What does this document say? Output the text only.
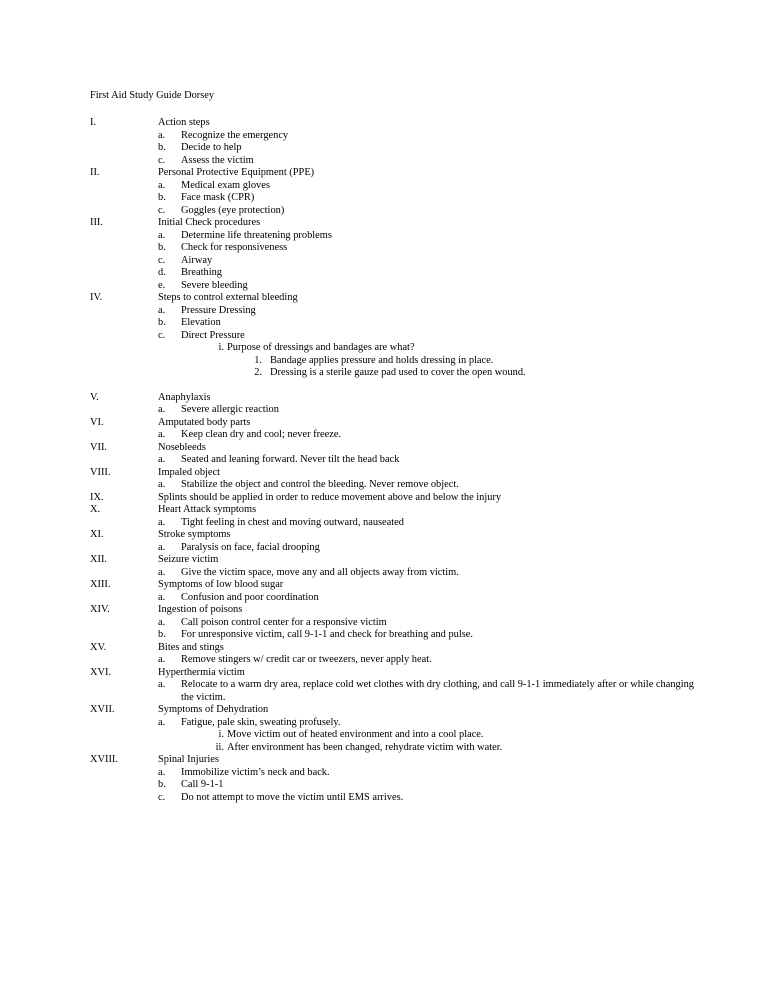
First Aid Study Guide Dorsey
I.	Action steps
a.	Recognize the emergency
b.	Decide to help
c.	Assess the victim
II.	Personal Protective Equipment (PPE)
a.	Medical exam gloves
b.	Face mask (CPR)
c.	Goggles (eye protection)
III.	Initial Check procedures
a.	Determine life threatening problems
b.	Check for responsiveness
c.	Airway
d.	Breathing
e.	Severe bleeding
IV.	Steps to control external bleeding
a.	Pressure Dressing
b.	Elevation
c.	Direct Pressure
i. Purpose of dressings and bandages are what?
1. Bandage applies pressure and holds dressing in place.
2. Dressing is a sterile gauze pad used to cover the open wound.
V.	Anaphylaxis
a.	Severe allergic reaction
VI.	Amputated body parts
a.	Keep clean dry and cool; never freeze.
VII.	Nosebleeds
a.	Seated and leaning forward. Never tilt the head back
VIII.	Impaled object
a.	Stabilize the object and control the bleeding. Never remove object.
IX.	Splints should be applied in order to reduce movement above and below the injury
X.	Heart Attack symptoms
a.	Tight feeling in chest and moving outward, nauseated
XI.	Stroke symptoms
a.	Paralysis on face, facial drooping
XII.	Seizure victim
a.	Give the victim space, move any and all objects away from victim.
XIII.	Symptoms of low blood sugar
a.	Confusion and poor coordination
XIV.	Ingestion of poisons
a.	Call poison control center for a responsive victim
b.	For unresponsive victim, call 9-1-1 and check for breathing and pulse.
XV.	Bites and stings
a.	Remove stingers w/ credit car or tweezers, never apply heat.
XVI.	Hyperthermia victim
a.	Relocate to a warm dry area, replace cold wet clothes with dry clothing, and call 9-1-1 immediately after or while changing the victim.
XVII.	Symptoms of Dehydration
a.	Fatigue, pale skin, sweating profusely.
i. Move victim out of heated environment and into a cool place.
ii. After environment has been changed, rehydrate victim with water.
XVIII.	Spinal Injuries
a.	Immobilize victim’s neck and back.
b.	Call 9-1-1
c.	Do not attempt to move the victim until EMS arrives.
